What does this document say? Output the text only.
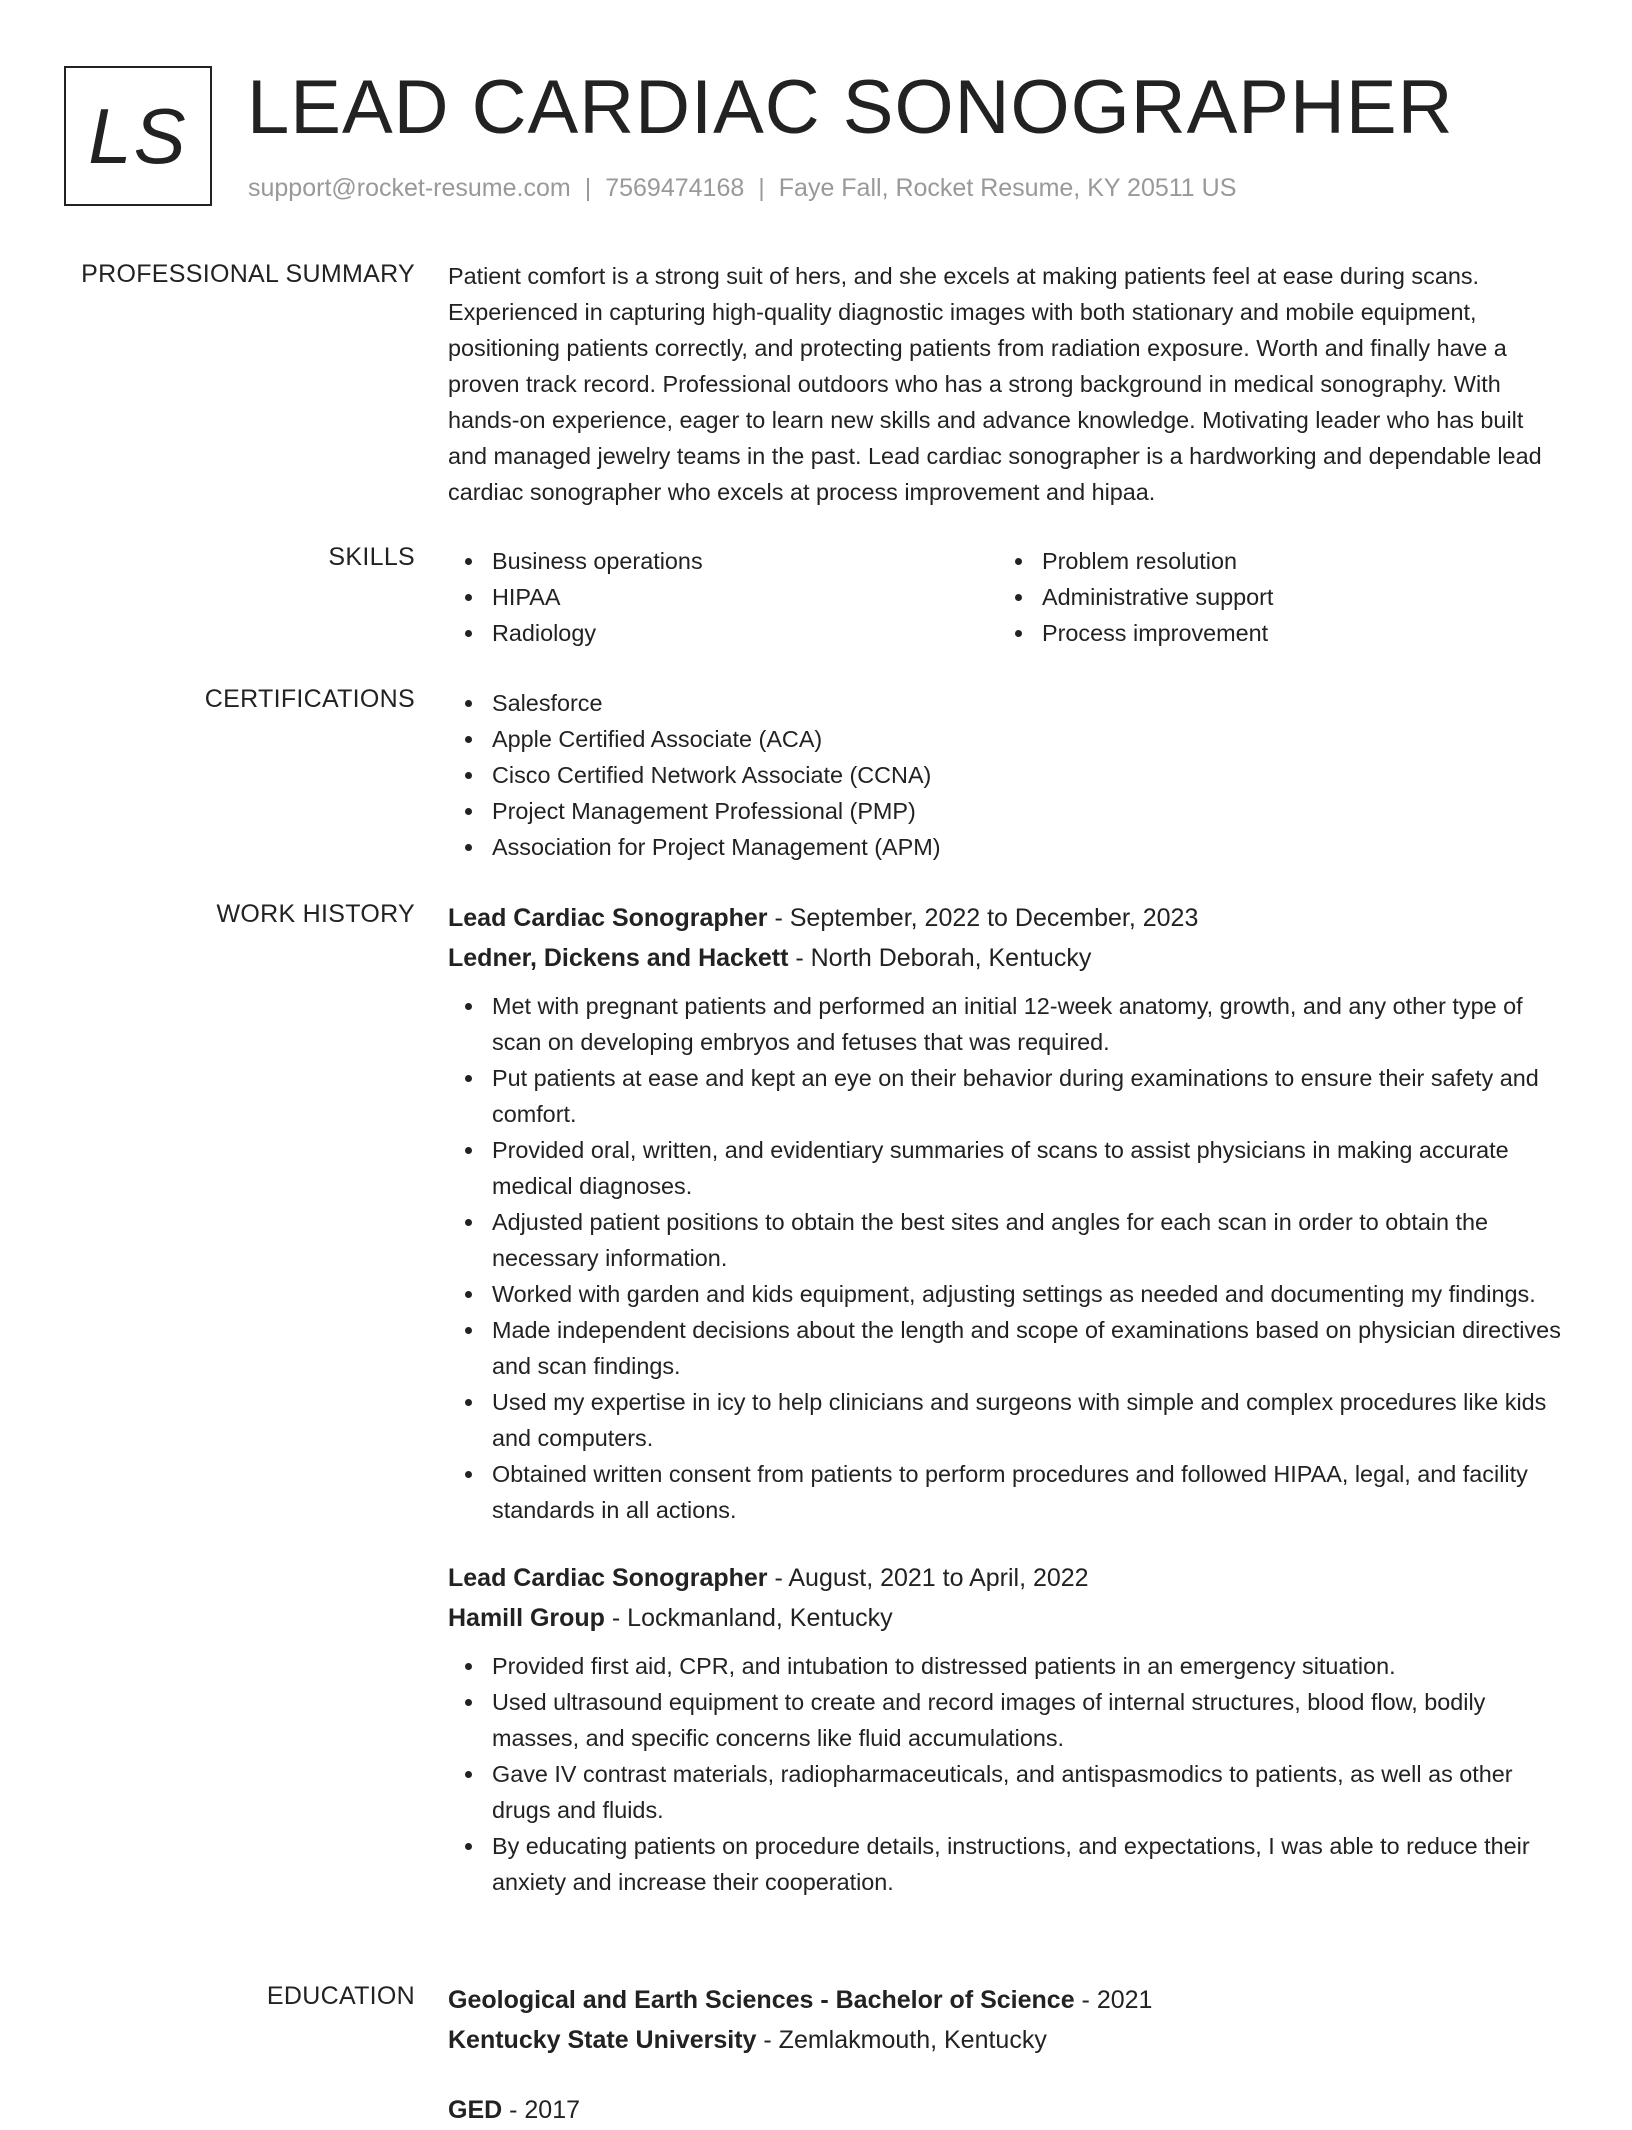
LS LEAD CARDIAC SONOGRAPHER
support@rocket-resume.com | 7569474168 | Faye Fall, Rocket Resume, KY 20511 US
PROFESSIONAL SUMMARY Patient comfort is a strong suit of hers, and she excels at making patients feel at ease during scans. Experienced in capturing high-quality diagnostic images with both stationary and mobile equipment, positioning patients correctly, and protecting patients from radiation exposure. Worth and finally have a proven track record. Professional outdoors who has a strong background in medical sonography. With hands-on experience, eager to learn new skills and advance knowledge. Motivating leader who has built and managed jewelry teams in the past. Lead cardiac sonographer is a hardworking and dependable lead cardiac sonographer who excels at process improvement and hipaa.

SKILLS	Business operations
HIPAA
Radiology
Problem resolution
Administrative support
Process improvement
CERTIFICATIONS	Salesforce
Apple Certified Associate (ACA)
Cisco Certified Network Associate (CCNA)
Project Management Professional (PMP)
Association for Project Management (APM)
WORK HISTORY Lead Cardiac Sonographer - September, 2022 to December, 2023
Ledner, Dickens and Hackett - North Deborah, Kentucky
Met with pregnant patients and performed an initial 12-week anatomy, growth, and any other type of scan on developing embryos and fetuses that was required.
Put patients at ease and kept an eye on their behavior during examinations to ensure their safety and comfort.
Provided oral, written, and evidentiary summaries of scans to assist physicians in making accurate medical diagnoses.
Adjusted patient positions to obtain the best sites and angles for each scan in order to obtain the necessary information.
Worked with garden and kids equipment, adjusting settings as needed and documenting my findings.
Made independent decisions about the length and scope of examinations based on physician directives and scan findings.
Used my expertise in icy to help clinicians and surgeons with simple and complex procedures like kids and computers.
Obtained written consent from patients to perform procedures and followed HIPAA, legal, and facility standards in all actions.
Lead Cardiac Sonographer - August, 2021 to April, 2022
Hamill Group - Lockmanland, Kentucky
Provided first aid, CPR, and intubation to distressed patients in an emergency situation.
Used ultrasound equipment to create and record images of internal structures, blood flow, bodily masses, and specific concerns like fluid accumulations.
Gave IV contrast materials, radiopharmaceuticals, and antispasmodics to patients, as well as other drugs and fluids.
By educating patients on procedure details, instructions, and expectations, I was able to reduce their anxiety and increase their cooperation.
EDUCATION Geological and Earth Sciences - Bachelor of Science - 2021
Kentucky State University - Zemlakmouth, Kentucky
GED - 2017
